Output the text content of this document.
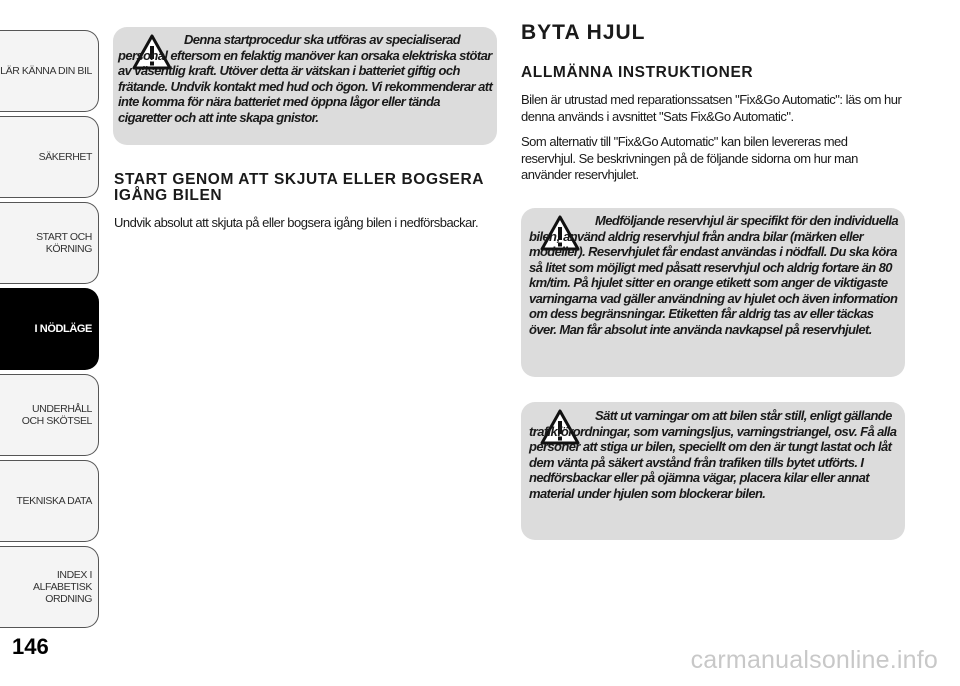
LÄR KÄNNA DIN BIL
SÄKERHET
START OCH KÖRNING
I NÖDLÄGE
UNDERHÅLL OCH SKÖTSEL
TEKNISKA DATA
INDEX I ALFABETISK ORDNING
146
Denna startprocedur ska utföras av specialiserad personal eftersom en felaktig manöver kan orsaka elektriska stötar av väsentlig kraft. Utöver detta är vätskan i batteriet giftig och frätande. Undvik kontakt med hud och ögon. Vi rekommenderar att inte komma för nära batteriet med öppna lågor eller tända cigaretter och att inte skapa gnistor.
START GENOM ATT SKJUTA ELLER BOGSERA IGÅNG BILEN
Undvik absolut att skjuta på eller bogsera igång bilen i nedförsbackar.
BYTA HJUL
ALLMÄNNA INSTRUKTIONER
Bilen är utrustad med reparationssatsen "Fix&Go Automatic": läs om hur denna används i avsnittet "Sats Fix&Go Automatic".
Som alternativ till "Fix&Go Automatic" kan bilen levereras med reservhjul. Se beskrivningen på de följande sidorna om hur man använder reservhjulet.
Medföljande reservhjul är specifikt för den individuella bilen; använd aldrig reservhjul från andra bilar (märken eller modeller). Reservhjulet får endast användas i nödfall. Du ska köra så litet som möjligt med påsatt reservhjul och aldrig fortare än 80 km/tim. På hjulet sitter en orange etikett som anger de viktigaste varningarna vad gäller användning av hjulet och även information om dess begränsningar. Etiketten får aldrig tas av eller täckas över. Man får absolut inte använda navkapsel på reservhjulet.
Sätt ut varningar om att bilen står still, enligt gällande trafikförordningar, som varningsljus, varningstriangel, osv. Få alla personer att stiga ur bilen, speciellt om den är tungt lastat och låt dem vänta på säkert avstånd från trafiken tills bytet utförts. I nedförsbackar eller på ojämna vägar, placera kilar eller annat material under hjulen som blockerar bilen.
carmanualsonline.info
